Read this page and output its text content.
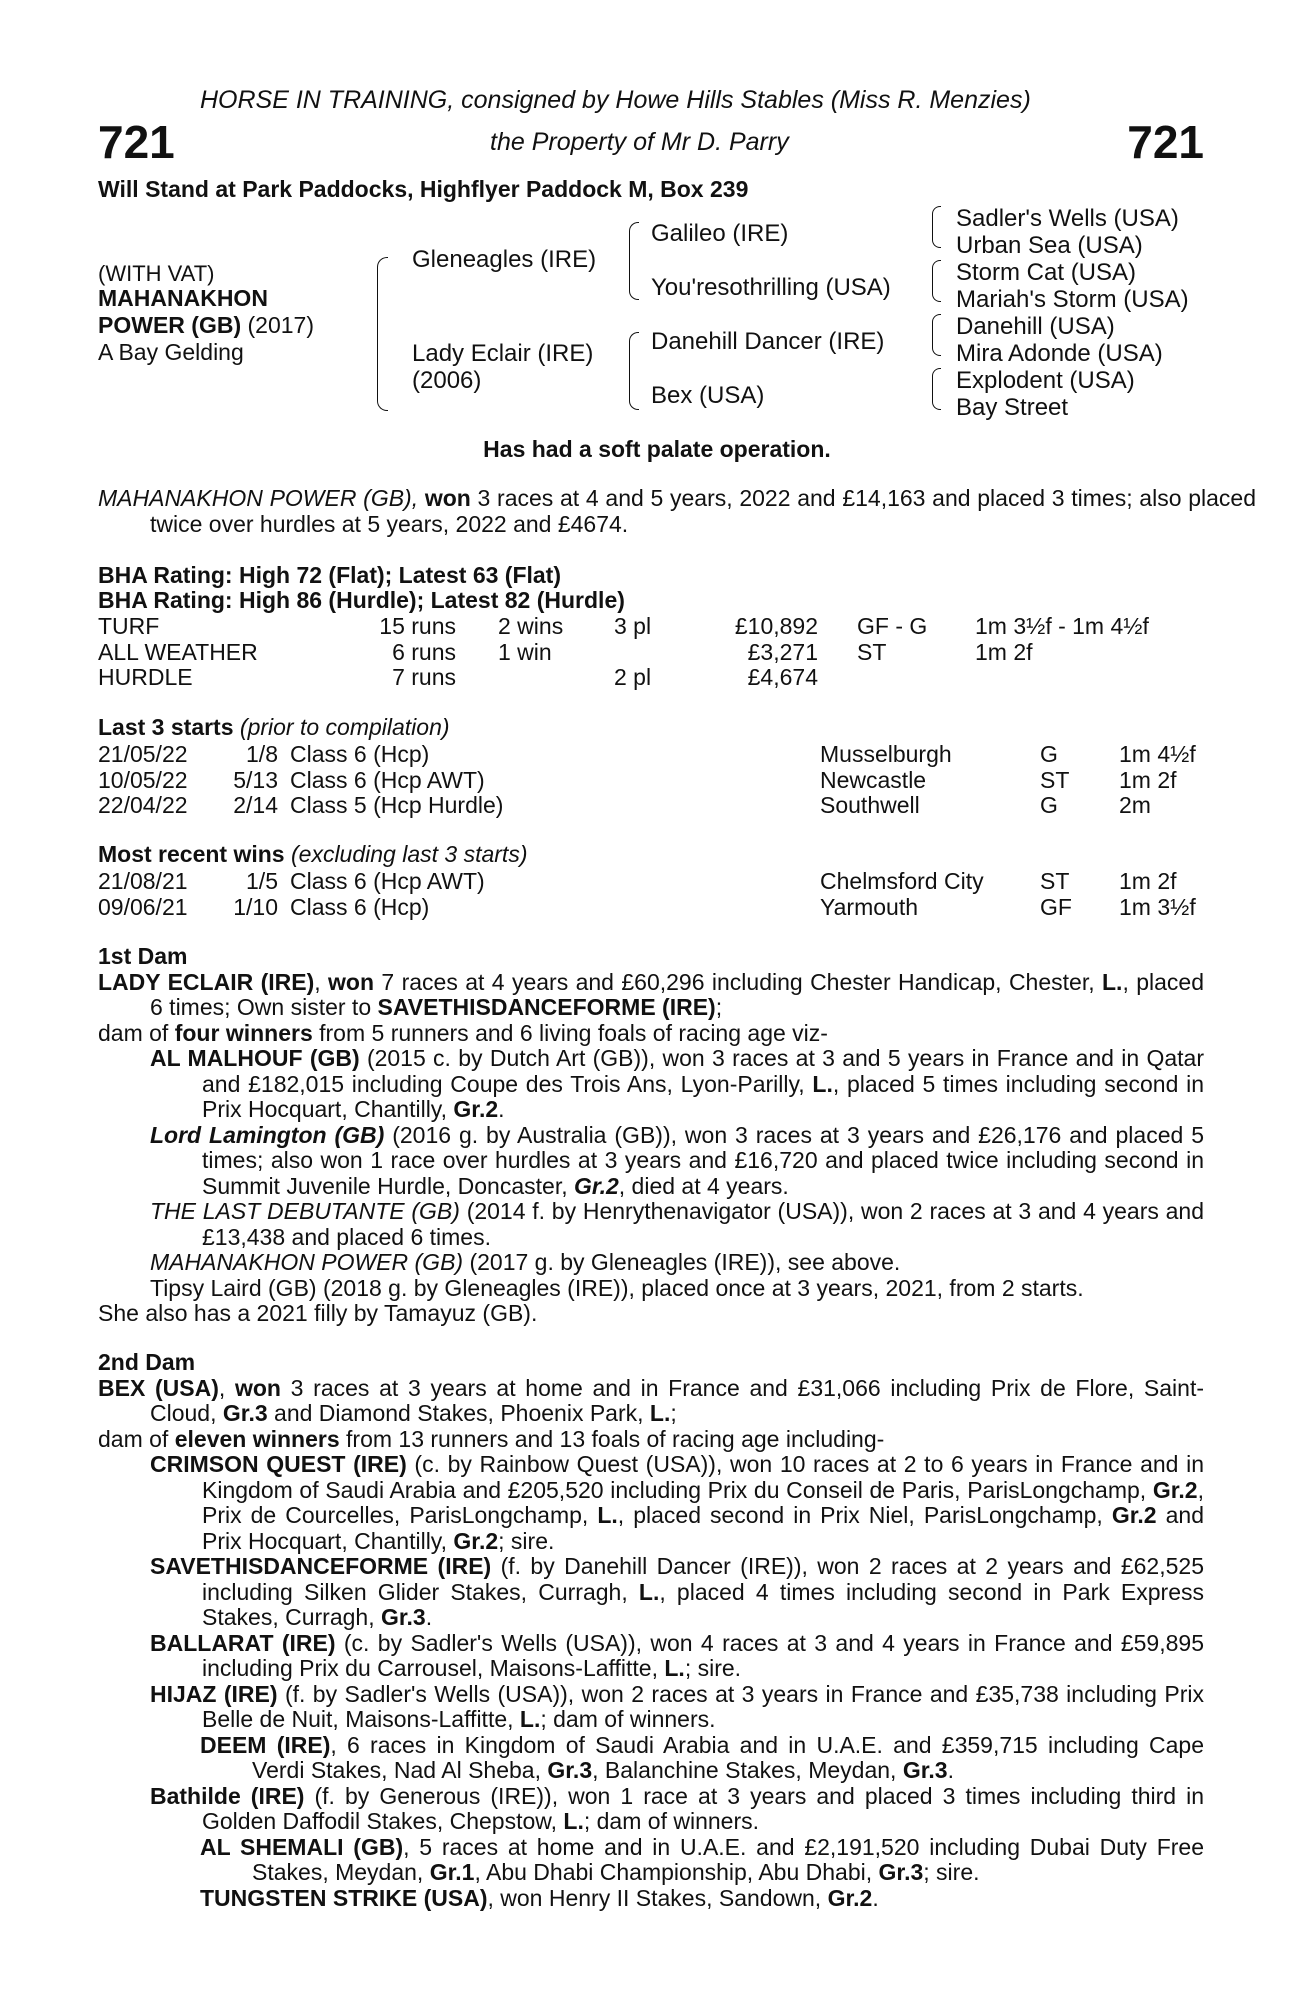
HORSE IN TRAINING, consigned by Howe Hills Stables (Miss R. Menzies)
721	the Property of Mr D. Parry	721
Will Stand at Park Paddocks, Highflyer Paddock M, Box 239
(WITH VAT)
MAHANAKHON
POWER (GB) (2017)
A Bay Gelding
Gleneagles (IRE)
Lady Eclair (IRE)
(2006)
Galileo (IRE)
You'resothrilling (USA)
Danehill Dancer (IRE)
Bex (USA)
Sadler's Wells (USA)
Urban Sea (USA)
Storm Cat (USA)
Mariah's Storm (USA)
Danehill (USA)
Mira Adonde (USA)
Explodent (USA)
Bay Street
Has had a soft palate operation.
MAHANAKHON POWER (GB), won 3 races at 4 and 5 years, 2022 and £14,163 and placed 3 times; also placed twice over hurdles at 5 years, 2022 and £4674.
BHA Rating: High 72 (Flat); Latest 63 (Flat)
BHA Rating: High 86 (Hurdle); Latest 82 (Hurdle)
TURF	15 runs 2 wins 3 pl	£10,892 GF - G 1m 3½f - 1m 4½f
ALL WEATHER	6 runs 1 win	£3,271 ST	1m 2f
HURDLE	7 runs	2 pl	£4,674
Last 3 starts (prior to compilation)
21/05/22	1/8 Class 6 (Hcp)	Musselburgh	G	1m 4½f
10/05/22 5/13 Class 6 (Hcp AWT)	Newcastle	ST 1m 2f
22/04/22 2/14 Class 5 (Hcp Hurdle)	Southwell	G	2m
Most recent wins (excluding last 3 starts)
21/08/21	1/5 Class 6 (Hcp AWT)	Chelmsford City ST 1m 2f
09/06/21 1/10 Class 6 (Hcp)	Yarmouth	GF 1m 3½f
1st Dam
LADY ECLAIR (IRE), won 7 races at 4 years and £60,296 including Chester Handicap, Chester, L., placed 6 times; Own sister to SAVETHISDANCEFORME (IRE);
dam of four winners from 5 runners and 6 living foals of racing age viz-
AL MALHOUF (GB) (2015 c. by Dutch Art (GB)), won 3 races at 3 and 5 years in France and in Qatar and £182,015 including Coupe des Trois Ans, Lyon-Parilly, L., placed 5 times including second in Prix Hocquart, Chantilly, Gr.2.
Lord Lamington (GB) (2016 g. by Australia (GB)), won 3 races at 3 years and £26,176 and placed 5 times; also won 1 race over hurdles at 3 years and £16,720 and placed twice including second in Summit Juvenile Hurdle, Doncaster, Gr.2, died at 4 years.
THE LAST DEBUTANTE (GB) (2014 f. by Henrythenavigator (USA)), won 2 races at 3 and 4 years and £13,438 and placed 6 times.
MAHANAKHON POWER (GB) (2017 g. by Gleneagles (IRE)), see above.
Tipsy Laird (GB) (2018 g. by Gleneagles (IRE)), placed once at 3 years, 2021, from 2 starts.
She also has a 2021 filly by Tamayuz (GB).
2nd Dam
BEX (USA), won 3 races at 3 years at home and in France and £31,066 including Prix de Flore, Saint-Cloud, Gr.3 and Diamond Stakes, Phoenix Park, L.;
dam of eleven winners from 13 runners and 13 foals of racing age including-
CRIMSON QUEST (IRE) (c. by Rainbow Quest (USA)), won 10 races at 2 to 6 years in France and in Kingdom of Saudi Arabia and £205,520 including Prix du Conseil de Paris, ParisLongchamp, Gr.2, Prix de Courcelles, ParisLongchamp, L., placed second in Prix Niel, ParisLongchamp, Gr.2 and Prix Hocquart, Chantilly, Gr.2; sire.
SAVETHISDANCEFORME (IRE) (f. by Danehill Dancer (IRE)), won 2 races at 2 years and £62,525 including Silken Glider Stakes, Curragh, L., placed 4 times including second in Park Express Stakes, Curragh, Gr.3.
BALLARAT (IRE) (c. by Sadler's Wells (USA)), won 4 races at 3 and 4 years in France and £59,895 including Prix du Carrousel, Maisons-Laffitte, L.; sire.
HIJAZ (IRE) (f. by Sadler's Wells (USA)), won 2 races at 3 years in France and £35,738 including Prix Belle de Nuit, Maisons-Laffitte, L.; dam of winners.
DEEM (IRE), 6 races in Kingdom of Saudi Arabia and in U.A.E. and £359,715 including Cape Verdi Stakes, Nad Al Sheba, Gr.3, Balanchine Stakes, Meydan, Gr.3.
Bathilde (IRE) (f. by Generous (IRE)), won 1 race at 3 years and placed 3 times including third in Golden Daffodil Stakes, Chepstow, L.; dam of winners.
AL SHEMALI (GB), 5 races at home and in U.A.E. and £2,191,520 including Dubai Duty Free Stakes, Meydan, Gr.1, Abu Dhabi Championship, Abu Dhabi, Gr.3; sire.
TUNGSTEN STRIKE (USA), won Henry II Stakes, Sandown, Gr.2.
